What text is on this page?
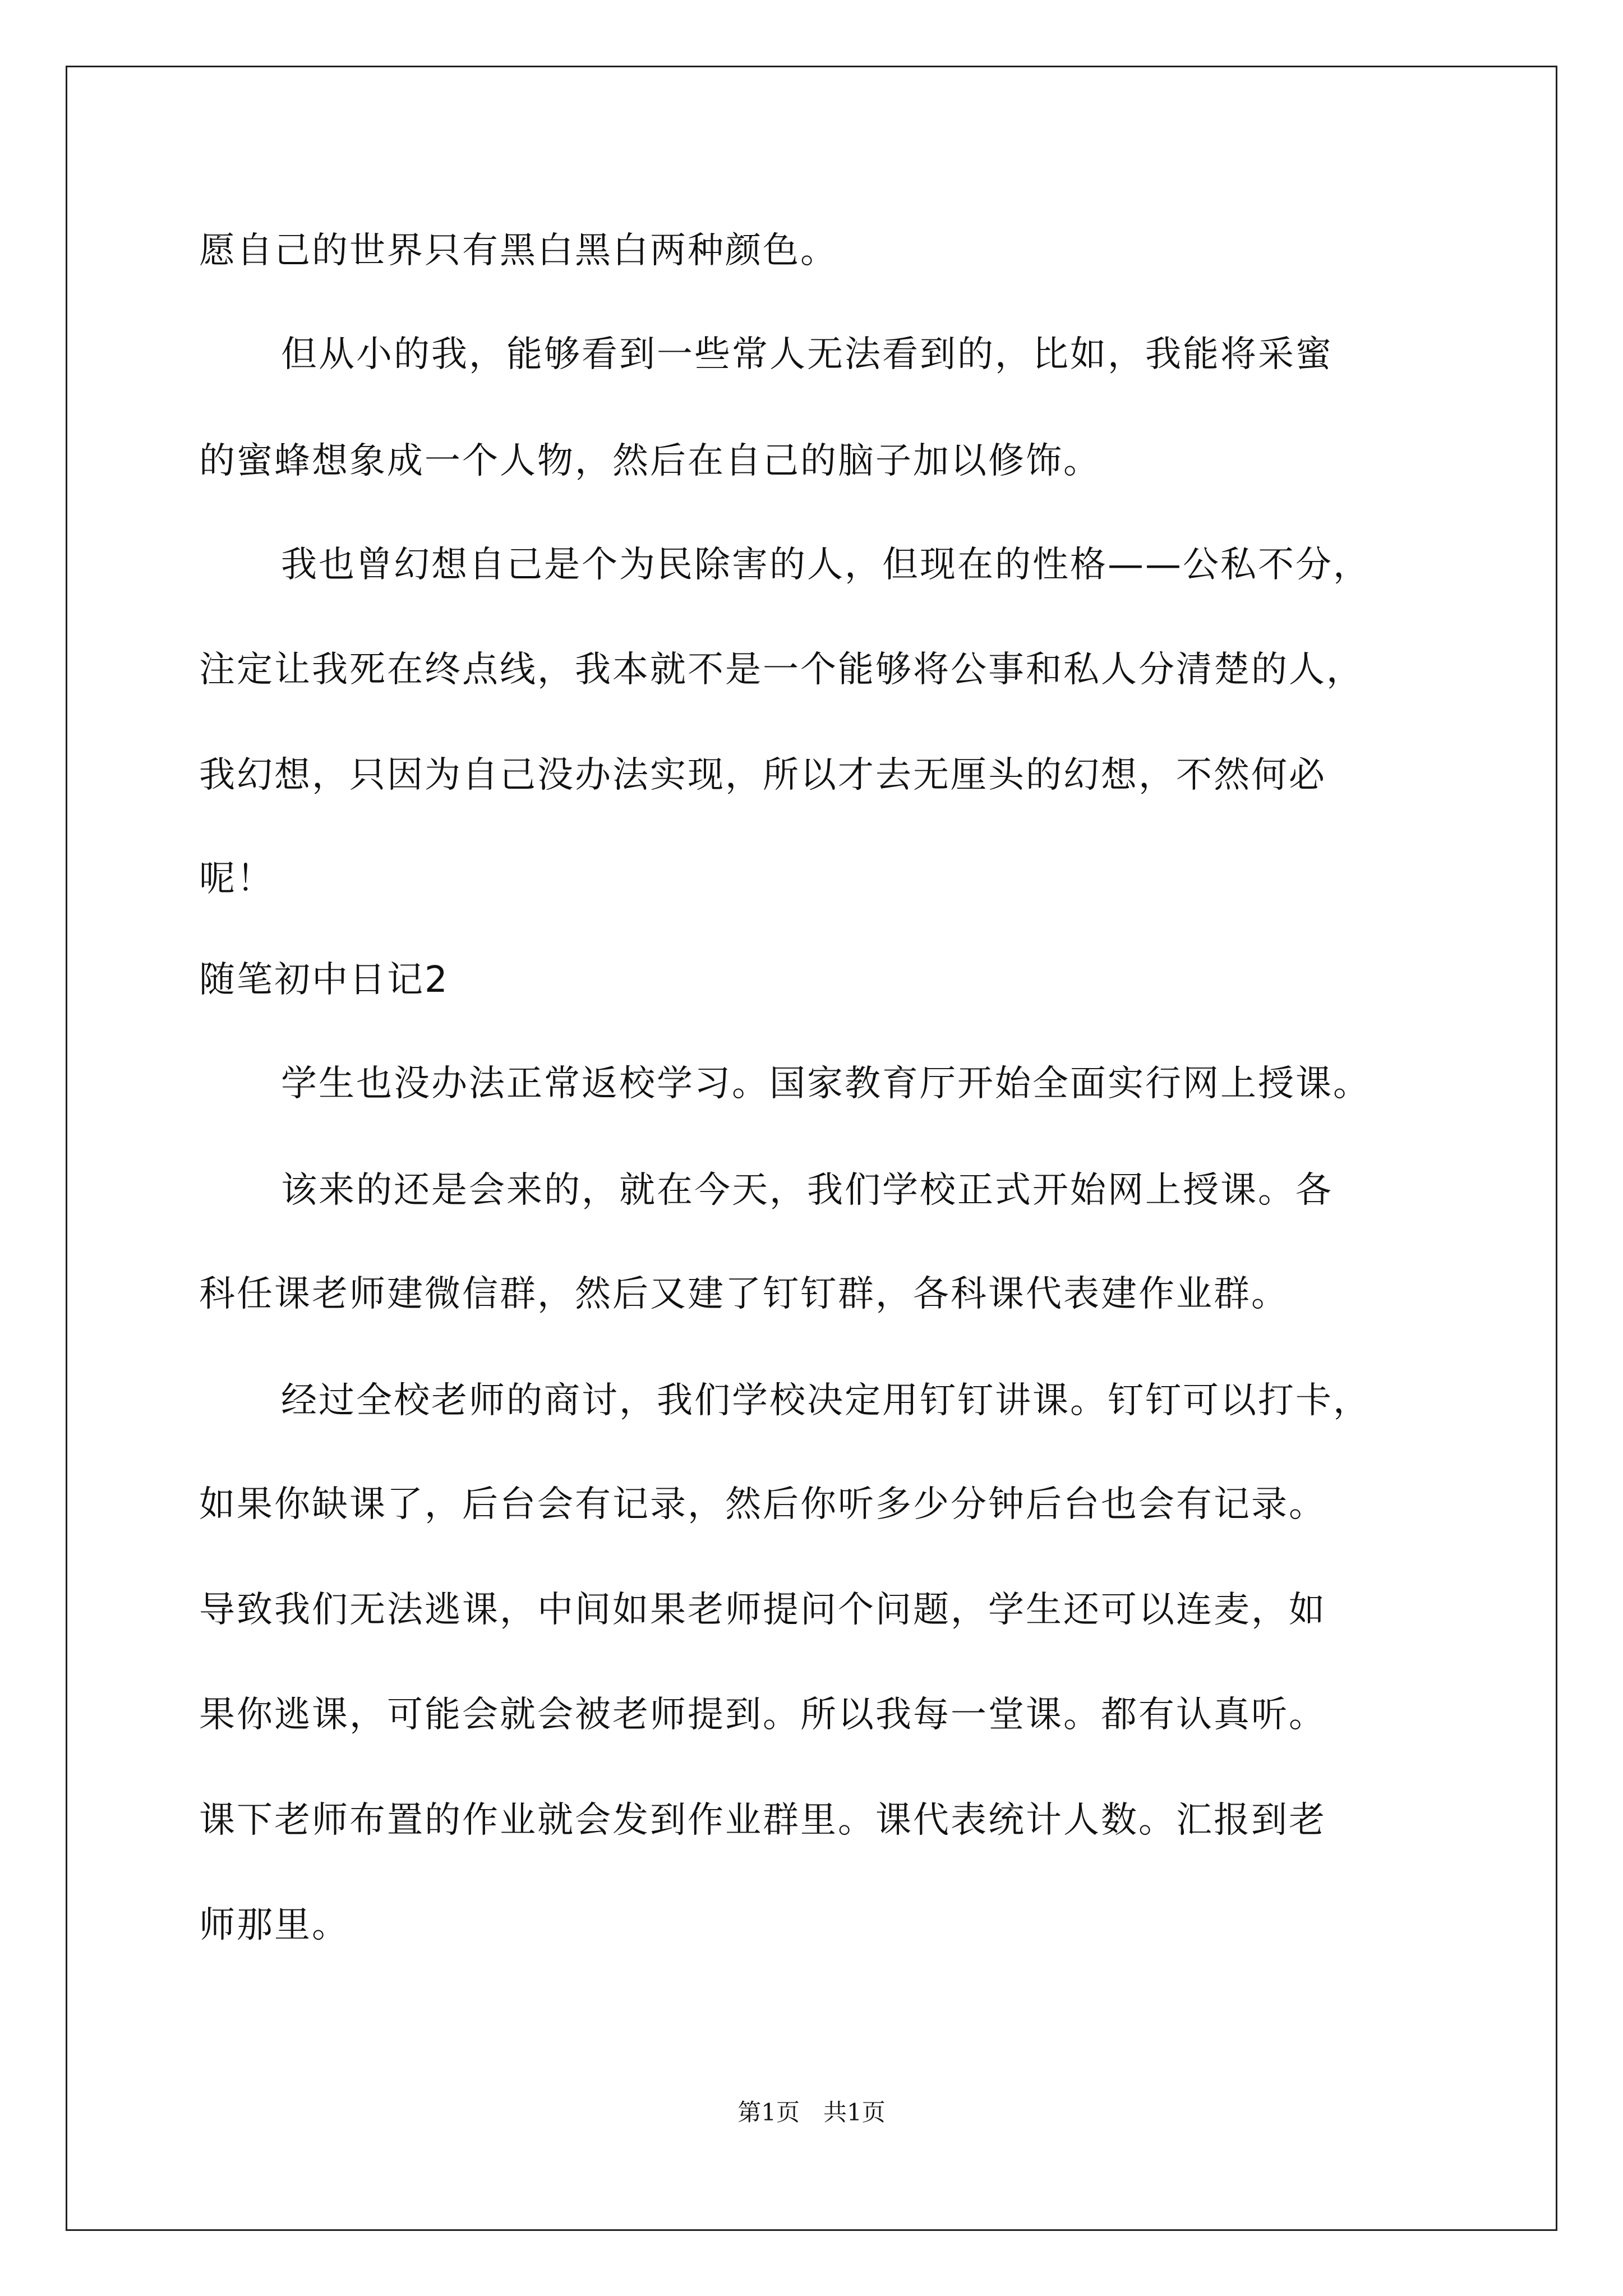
愿自己的世界只有黑白黑白两种颜色。
但从小的我，能够看到一些常人无法看到的，比如，我能将采蜜
的蜜蜂想象成一个人物，然后在自己的脑子加以修饰。
我也曾幻想自己是个为民除害的人，但现在的性格——公私不分，
注定让我死在终点线，我本就不是一个能够将公事和私人分清楚的人，
我幻想，只因为自己没办法实现，所以才去无厘头的幻想，不然何必
呢！
随笔初中日记2
学生也没办法正常返校学习。国家教育厅开始全面实行网上授课。
该来的还是会来的，就在今天，我们学校正式开始网上授课。各
科任课老师建微信群，然后又建了钉钉群，各科课代表建作业群。
经过全校老师的商讨，我们学校决定用钉钉讲课。钉钉可以打卡，
如果你缺课了，后台会有记录，然后你听多少分钟后台也会有记录。
导致我们无法逃课，中间如果老师提问个问题，学生还可以连麦，如
果你逃课，可能会就会被老师提到。所以我每一堂课。都有认真听。
课下老师布置的作业就会发到作业群里。课代表统计人数。汇报到老
师那里。
第1页　共1页
